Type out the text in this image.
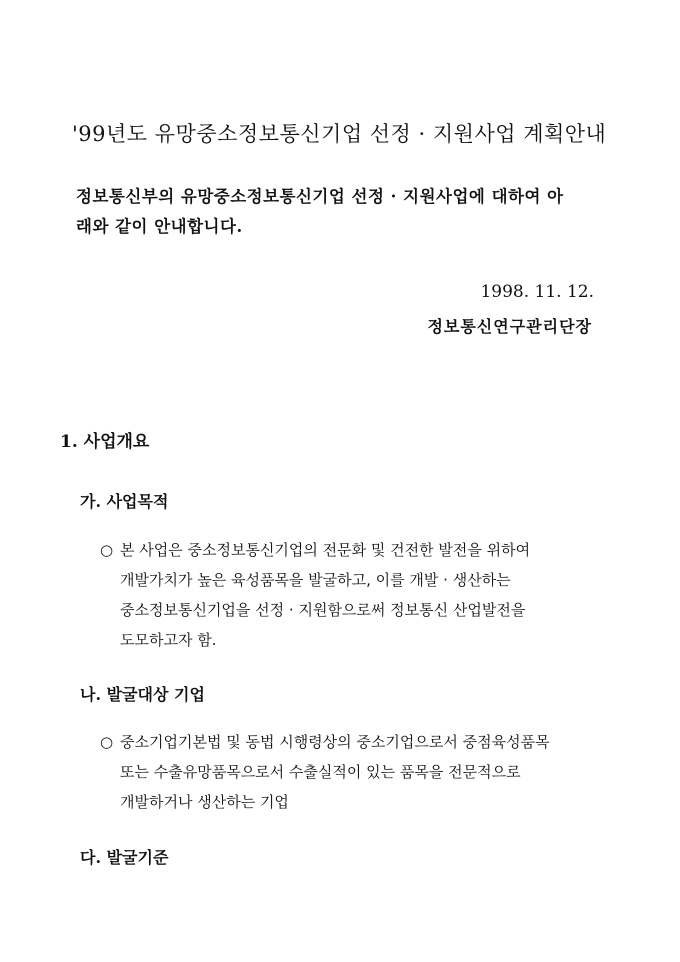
'99년도 유망중소정보통신기업 선정 · 지원사업 계획안내
정보통신부의 유망중소정보통신기업 선정 · 지원사업에 대하여 아
래와 같이 안내합니다.
1998. 11. 12.
정보통신연구관리단장
1. 사업개요
가. 사업목적
○ 본 사업은 중소정보통신기업의 전문화 및 건전한 발전을 위하여
개발가치가 높은 육성품목을 발굴하고, 이를 개발 · 생산하는
중소정보통신기업을 선정 · 지원함으로써 정보통신 산업발전을
도모하고자 함.
나. 발굴대상 기업
○ 중소기업기본법 및 동법 시행령상의 중소기업으로서 중점육성품목
또는 수출유망품목으로서 수출실적이 있는 품목을 전문적으로
개발하거나 생산하는 기업
다. 발굴기준
